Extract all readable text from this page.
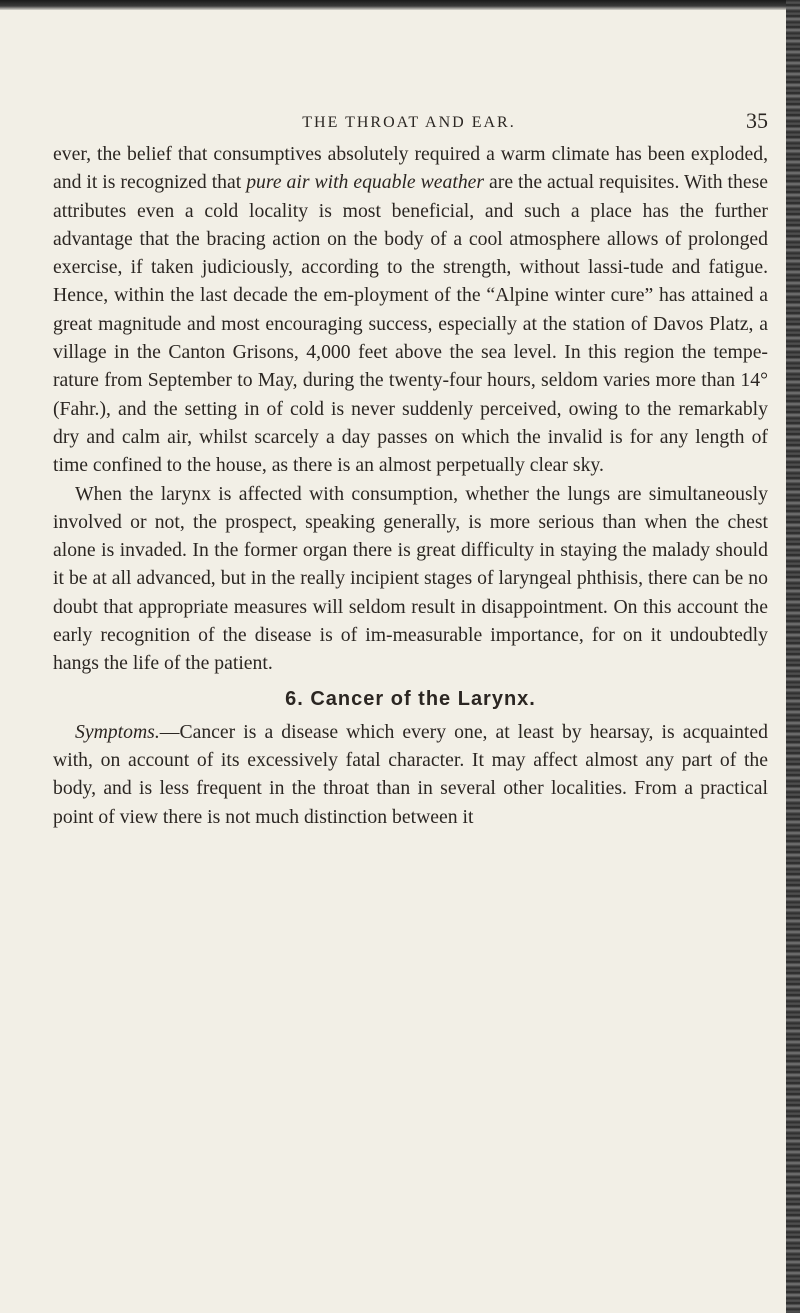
THE THROAT AND EAR.	35

ever, the belief that consumptives absolutely required a warm climate has been exploded, and it is recognized that pure air with equable weather are the actual requisites. With these attributes even a cold locality is most beneficial, and such a place has the further advantage that the bracing action on the body of a cool atmosphere allows of prolonged exercise, if taken judiciously, according to the strength, without lassi-tude and fatigue. Hence, within the last decade the em-ployment of the “Alpine winter cure” has attained a great magnitude and most encouraging success, especially at the station of Davos Platz, a village in the Canton Grisons, 4,000 feet above the sea level. In this region the tempe-rature from September to May, during the twenty-four hours, seldom varies more than 14° (Fahr.), and the setting in of cold is never suddenly perceived, owing to the remarkably dry and calm air, whilst scarcely a day passes on which the invalid is for any length of time confined to the house, as there is an almost perpetually clear sky.

When the larynx is affected with consumption, whether the lungs are simultaneously involved or not, the prospect, speaking generally, is more serious than when the chest alone is invaded. In the former organ there is great difficulty in staying the malady should it be at all advanced, but in the really incipient stages of laryngeal phthisis, there can be no doubt that appropriate measures will seldom result in disappointment. On this account the early recognition of the disease is of im-measurable importance, for on it undoubtedly hangs the life of the patient.

6. Cancer of the Larynx.

Symptoms.—Cancer is a disease which every one, at least by hearsay, is acquainted with, on account of its excessively fatal character. It may affect almost any part of the body, and is less frequent in the throat than in several other localities. From a practical point of view there is not much distinction between it
